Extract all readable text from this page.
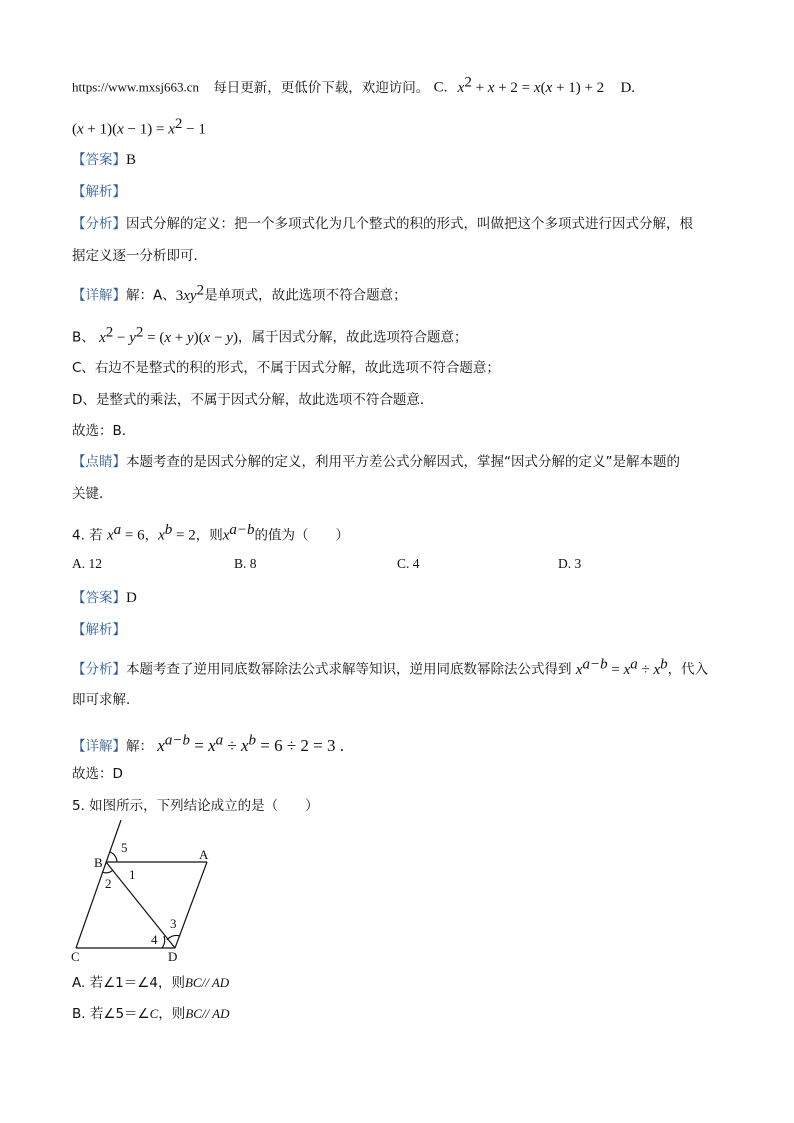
https://www.mxsj663.cn 每日更新，更低价下载，欢迎访问。 C. $x^2 + x + 2 = x(x + 1) + 2$ D.
$(x + 1)(x - 1) = x^2 - 1$
【答案】B
【解析】
【分析】因式分解的定义：把一个多项式化为几个整式的积的形式，叫做把这个多项式进行因式分解，根
据定义逐一分析即可．
【详解】解：A、$3xy^2$是单项式，故此选项不符合题意；
B、 $x^2 - y^2 = (x + y)(x - y)$，属于因式分解，故此选项符合题意；
C、右边不是整式的积的形式，不属于因式分解，故此选项不符合题意；
D、是整式的乘法，不属于因式分解，故此选项不符合题意．
故选：B．
【点睛】本题考查的是因式分解的定义，利用平方差公式分解因式，掌握“因式分解的定义”是解本题的
关键．
4. 若 $x^a = 6$，$x^b = 2$，则$x^{a-b}$的值为（　　）
A. 12	B. 8	C. 4	D. 3
【答案】D
【解析】
【分析】本题考查了逆用同底数幂除法公式求解等知识，逆用同底数幂除法公式得到 $x^{a-b} = x^a \div x^b$，代入
即可求解．
【详解】解： $x^{a-b} = x^a \div x^b = 6 \div 2 = 3$ .
故选：D
5. 如图所示，下列结论成立的是（　　）
B
A
C	D
1
2
3
4
5
A. 若∠1＝∠4，则BC// AD
B. 若∠5＝∠C，则BC// AD
